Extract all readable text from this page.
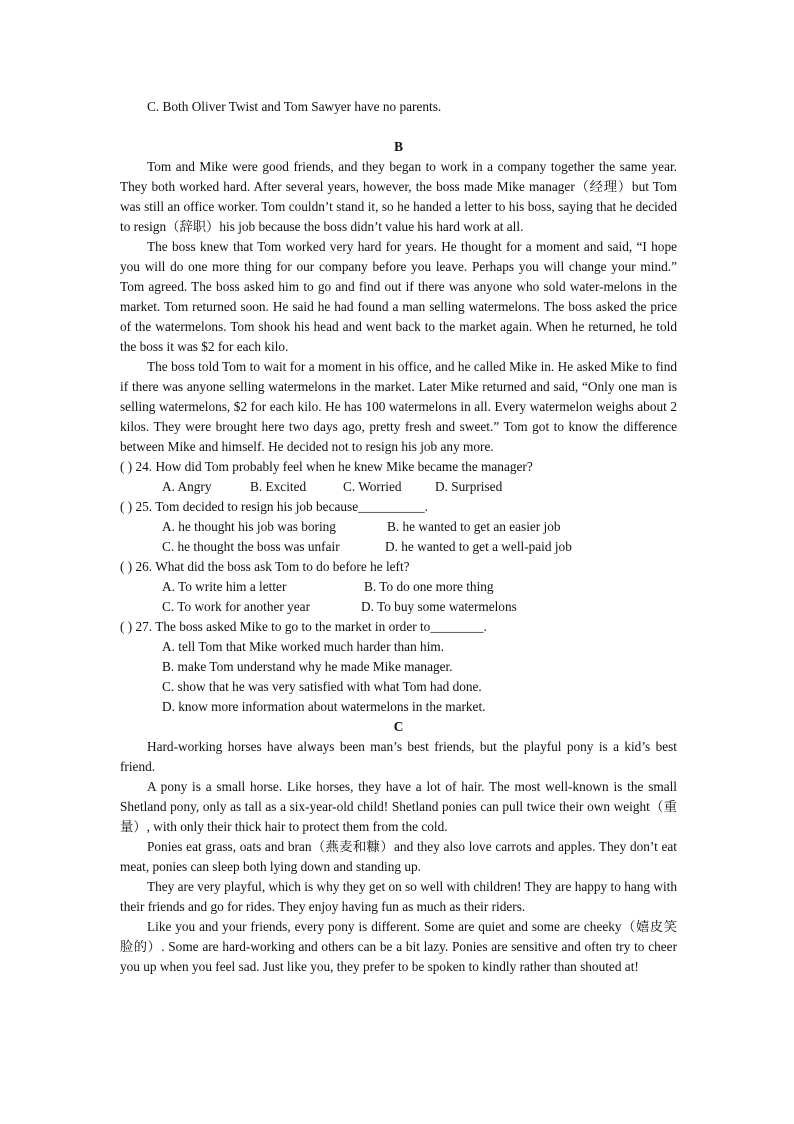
C. Both Oliver Twist and Tom Sawyer have no parents.
B

Tom and Mike were good friends, and they began to work in a company together the same year. They both worked hard. After several years, however, the boss made Mike manager（经理）but Tom was still an office worker. Tom couldn’t stand it, so he handed a letter to his boss, saying that he decided to resign（辞职）his job because the boss didn’t value his hard work at all.

The boss knew that Tom worked very hard for years. He thought for a moment and said, “I hope you will do one more thing for our company before you leave. Perhaps you will change your mind.” Tom agreed. The boss asked him to go and find out if there was anyone who sold water-melons in the market. Tom returned soon. He said he had found a man selling watermelons. The boss asked the price of the watermelons. Tom shook his head and went back to the market again. When he returned, he told the boss it was $2 for each kilo.

The boss told Tom to wait for a moment in his office, and he called Mike in. He asked Mike to find if there was anyone selling watermelons in the market. Later Mike returned and said, “Only one man is selling watermelons, $2 for each kilo. He has 100 watermelons in all. Every watermelon weighs about 2 kilos. They were brought here two days ago, pretty fresh and sweet.” Tom got to know the difference between Mike and himself. He decided not to resign his job any more.

( ) 24. How did Tom probably feel when he knew Mike became the manager?
A. Angry	B. Excited	C. Worried	D. Surprised
( ) 25. Tom decided to resign his job because__________.
A. he thought his job was boring	B. he wanted to get an easier job
C. he thought the boss was unfair	D. he wanted to get a well-paid job
( ) 26. What did the boss ask Tom to do before he left?
A. To write him a letter	B. To do one more thing
C. To work for another year	D. To buy some watermelons
( ) 27. The boss asked Mike to go to the market in order to________.
A. tell Tom that Mike worked much harder than him.
B. make Tom understand why he made Mike manager.
C. show that he was very satisfied with what Tom had done.
D. know more information about watermelons in the market.
C

Hard-working horses have always been man’s best friends, but the playful pony is a kid’s best friend.

A pony is a small horse. Like horses, they have a lot of hair. The most well-known is the small Shetland pony, only as tall as a six-year-old child! Shetland ponies can pull twice their own weight（重量）, with only their thick hair to protect them from the cold.

Ponies eat grass, oats and bran（燕麦和糠）and they also love carrots and apples. They don’t eat meat, ponies can sleep both lying down and standing up.

They are very playful, which is why they get on so well with children! They are happy to hang with their friends and go for rides. They enjoy having fun as much as their riders.

Like you and your friends, every pony is different. Some are quiet and some are cheeky（嬉皮笑脸的）. Some are hard-working and others can be a bit lazy. Ponies are sensitive and often try to cheer you up when you feel sad. Just like you, they prefer to be spoken to kindly rather than shouted at!
